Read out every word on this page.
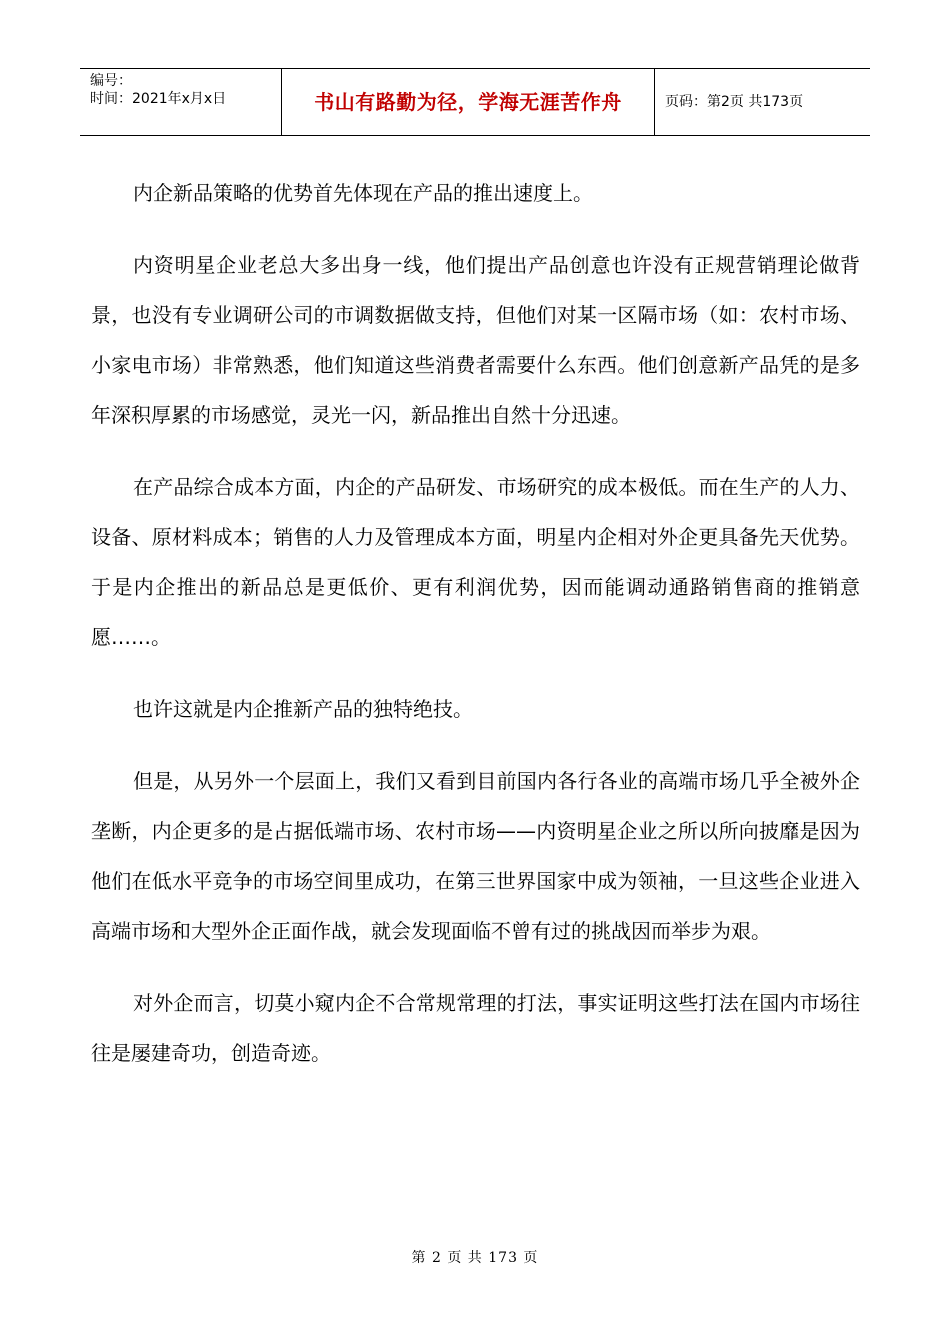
编号：
时间：2021年x月x日	书山有路勤为径，学海无涯苦作舟	页码：第2页 共173页

内企新品策略的优势首先体现在产品的推出速度上。

内资明星企业老总大多出身一线，他们提出产品创意也许没有正规营销理论做背景，也没有专业调研公司的市调数据做支持，但他们对某一区隔市场（如：农村市场、小家电市场）非常熟悉，他们知道这些消费者需要什么东西。他们创意新产品凭的是多年深积厚累的市场感觉，灵光一闪，新品推出自然十分迅速。

在产品综合成本方面，内企的产品研发、市场研究的成本极低。而在生产的人力、设备、原材料成本；销售的人力及管理成本方面，明星内企相对外企更具备先天优势。于是内企推出的新品总是更低价、更有利润优势，因而能调动通路销售商的推销意愿……。

也许这就是内企推新产品的独特绝技。

但是，从另外一个层面上，我们又看到目前国内各行各业的高端市场几乎全被外企垄断，内企更多的是占据低端市场、农村市场——内资明星企业之所以所向披靡是因为他们在低水平竞争的市场空间里成功，在第三世界国家中成为领袖，一旦这些企业进入高端市场和大型外企正面作战，就会发现面临不曾有过的挑战因而举步为艰。

对外企而言，切莫小窥内企不合常规常理的打法，事实证明这些打法在国内市场往往是屡建奇功，创造奇迹。

第 2 页 共 173 页
